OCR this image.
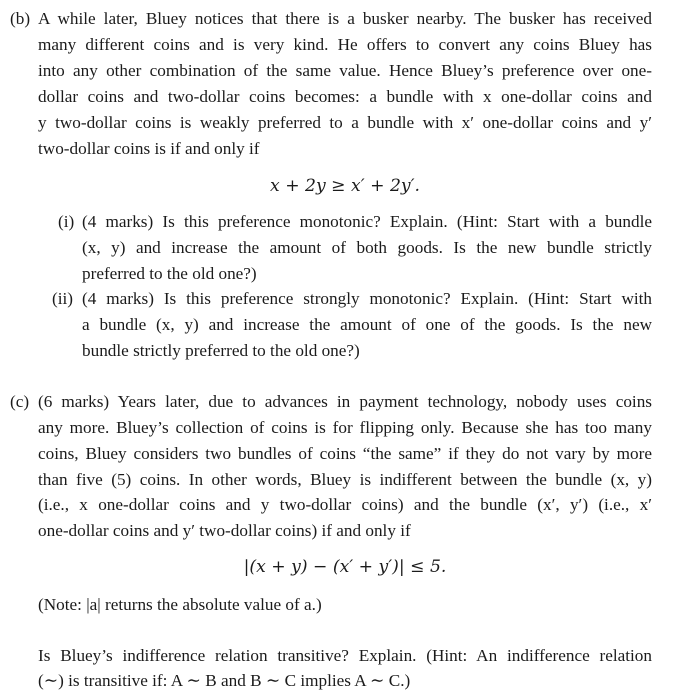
(b) A while later, Bluey notices that there is a busker nearby. The busker has received
many different coins and is very kind. He offers to convert any coins Bluey has
into any other combination of the same value. Hence Bluey’s preference over one-
dollar coins and two-dollar coins becomes: a bundle with x one-dollar coins and
y two-dollar coins is weakly preferred to a bundle with x′ one-dollar coins and y′
two-dollar coins is if and only if
x + 2y ≥ x′ + 2y′.
(i) (4 marks) Is this preference monotonic? Explain. (Hint: Start with a bundle
(x, y) and increase the amount of both goods. Is the new bundle strictly
preferred to the old one?)
(ii) (4 marks) Is this preference strongly monotonic? Explain. (Hint: Start with
a bundle (x, y) and increase the amount of one of the goods. Is the new
bundle strictly preferred to the old one?)
(c) (6 marks) Years later, due to advances in payment technology, nobody uses coins
any more. Bluey’s collection of coins is for flipping only. Because she has too many
coins, Bluey considers two bundles of coins “the same” if they do not vary by more
than five (5) coins. In other words, Bluey is indifferent between the bundle (x, y)
(i.e., x one-dollar coins and y two-dollar coins) and the bundle (x′, y′) (i.e., x′
one-dollar coins and y′ two-dollar coins) if and only if
|(x + y) − (x′ + y′)| ≤ 5.
(Note: |a| returns the absolute value of a.)
Is Bluey’s indifference relation transitive? Explain. (Hint: An indifference relation
(∼) is transitive if: A ∼ B and B ∼ C implies A ∼ C.)
